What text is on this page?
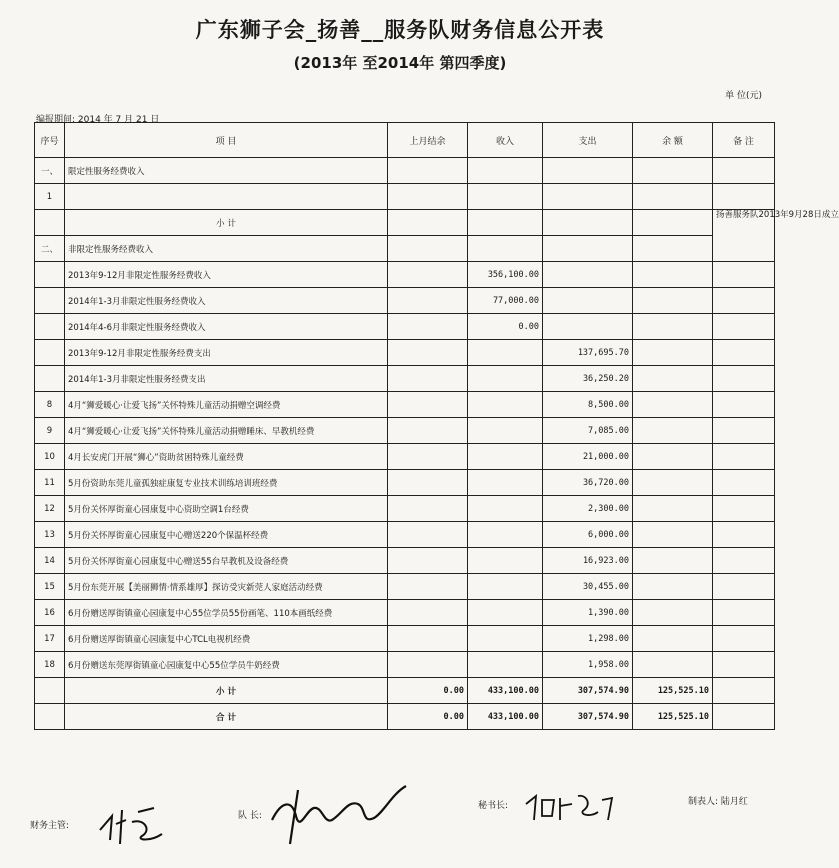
广东狮子会_扬善__服务队财务信息公开表
(2013年 至2014年 第四季度)
单 位(元)
编报期间: 2014 年 7 月 21 日
序号	项 目	上月结余	收入	支出	余 额	备 注
一、	限定性服务经费收入					
1						
	小 计					扬善服务队2013年9月28日成立
二、	非限定性服务经费收入					
	2013年9-12月非限定性服务经费收入		356,100.00			
	2014年1-3月非限定性服务经费收入		77,000.00			
	2014年4-6月非限定性服务经费收入		0.00			
	2013年9-12月非限定性服务经费支出			137,695.70		
	2014年1-3月非限定性服务经费支出			36,250.20		
8	4月“狮爱暖心·让爱飞扬”关怀特殊儿童活动捐赠空调经费			8,500.00		
9	4月“狮爱暖心·让爱飞扬”关怀特殊儿童活动捐赠睡床、早教机经费			7,085.00		
10	4月长安虎门开展“狮心”资助贫困特殊儿童经费			21,000.00		
11	5月份资助东莞儿童孤独症康复专业技术训练培训班经费			36,720.00		
12	5月份关怀厚街童心园康复中心资助空调1台经费			2,300.00		
13	5月份关怀厚街童心园康复中心赠送220个保温杯经费			6,000.00		
14	5月份关怀厚街童心园康复中心赠送55台早教机及设备经费			16,923.00		
15	5月份东莞开展【美丽狮情·情系雄厚】探访受灾新莞人家庭活动经费			30,455.00		
16	6月份赠送厚街镇童心园康复中心55位学员55份画笔、110本画纸经费			1,390.00		
17	6月份赠送厚街镇童心园康复中心TCL电视机经费			1,298.00		
18	6月份赠送东莞厚街镇童心园康复中心55位学员牛奶经费			1,958.00		
	小 计	0.00	433,100.00	307,574.90	125,525.10	
	合 计	0.00	433,100.00	307,574.90	125,525.10	
财务主管:
队 长:
秘书长:	制表人: 陆月红
